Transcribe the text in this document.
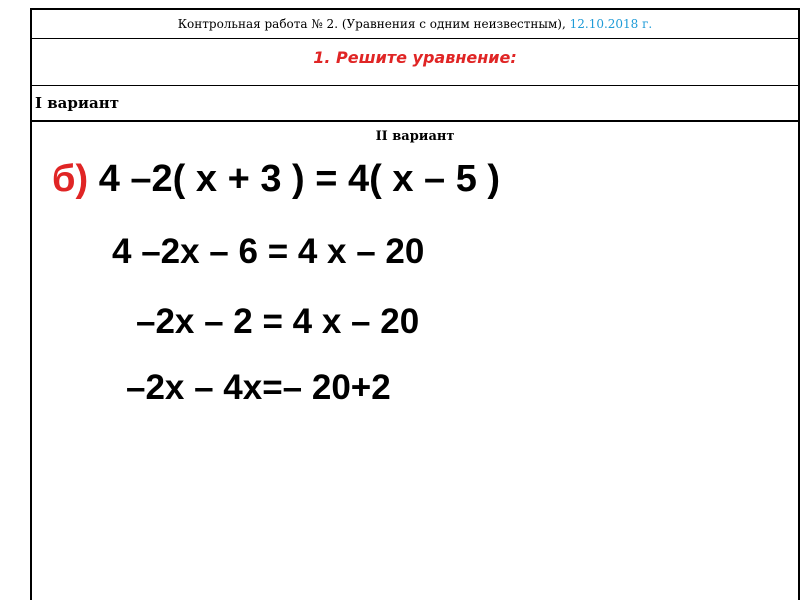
Контрольная работа № 2. (Уравнения с одним неизвестным), 12.10.2018 г.
1. Решите уравнение:
I вариант
II вариант
б) 4 –2( х + 3 ) = 4( х – 5 )
4 –2х – 6 = 4 х – 20
–2х – 2 = 4 х – 20
–2х – 4х=– 20+2
